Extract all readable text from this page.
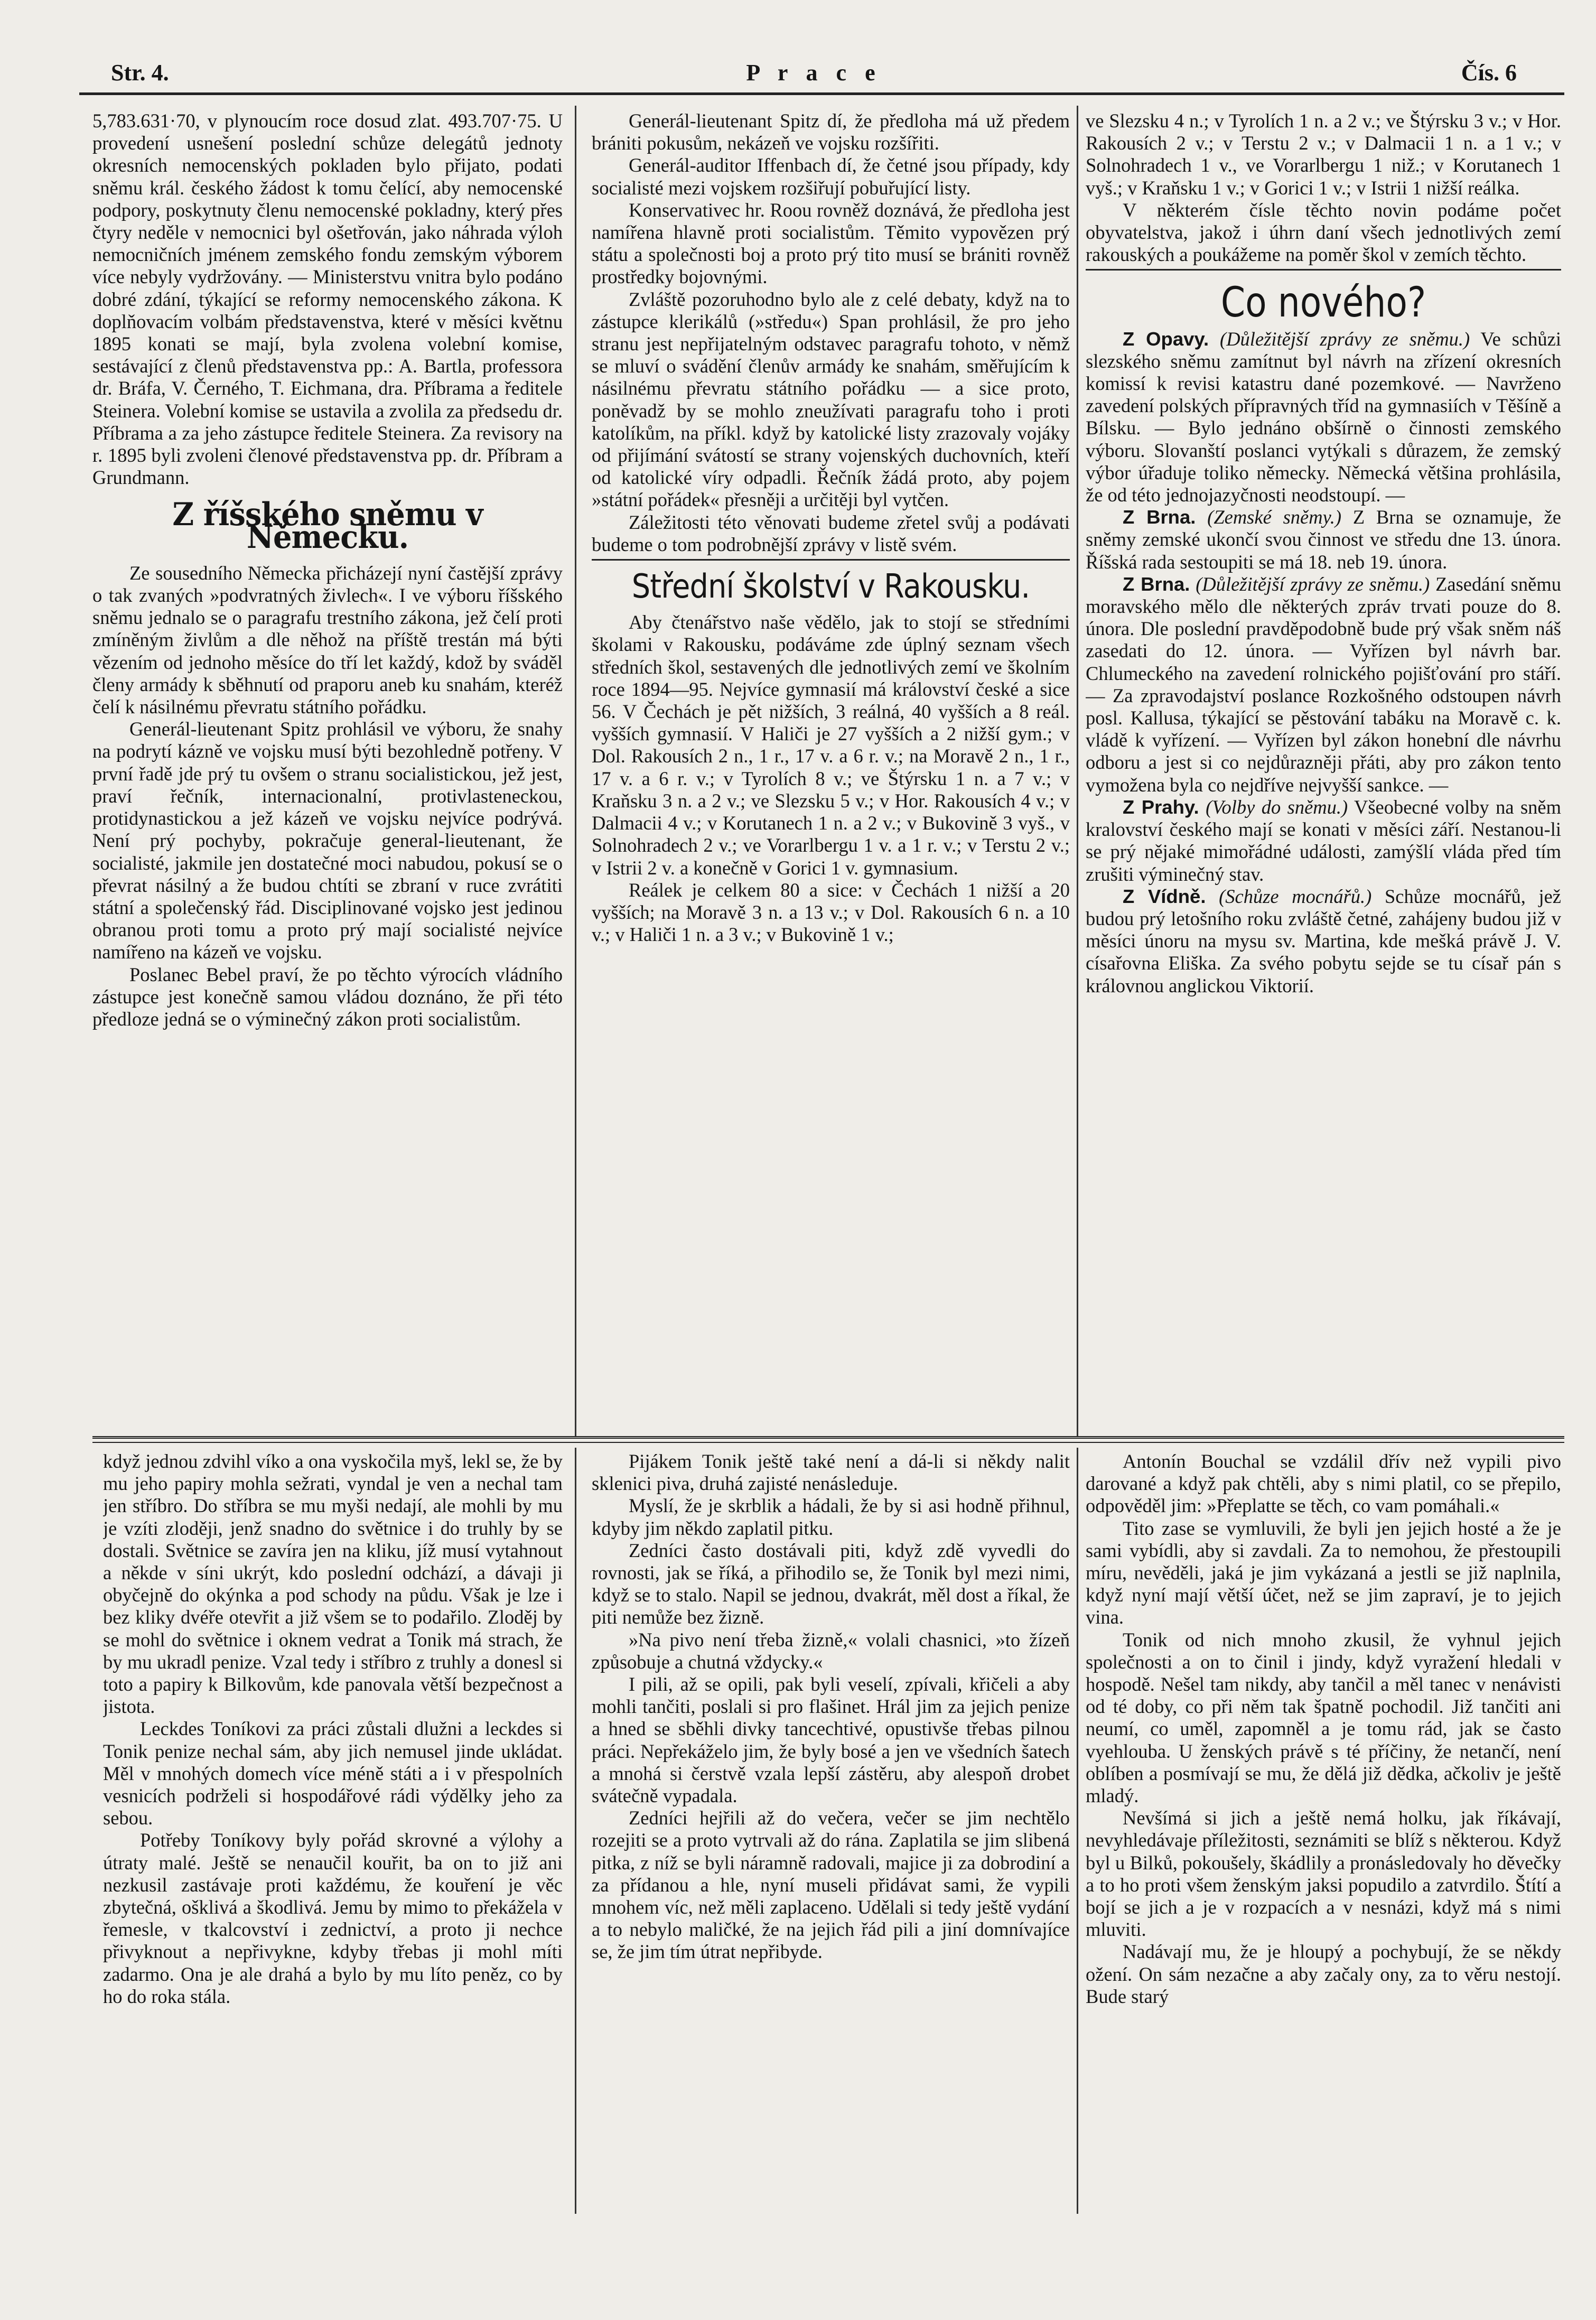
Str. 4.	P r a c e	Čís. 6

5,783.631·70, v plynoucím roce dosud zlat. 493.707·75. U provedení usnešení poslední schůze delegátů jednoty okresních nemocenských pokladen bylo přijato, podati sněmu král. českého žádost k tomu čelící, aby nemocenské podpory, poskytnuty členu nemocenské pokladny, který přes čtyry neděle v nemocnici byl ošetřován, jako náhrada výloh nemocničních jménem zemského fondu zemským výborem více nebyly vydržovány. — Ministerstvu vnitra bylo podáno dobré zdání, týkající se reformy nemocenského zákona. K doplňovacím volbám představenstva, které v měsíci květnu 1895 konati se mají, byla zvolena volební komise, sestávající z členů představenstva pp.: A. Bartla, professora dr. Bráfa, V. Černého, T. Eichmana, dra. Příbrama a ředitele Steinera. Volební komise se ustavila a zvolila za předsedu dr. Příbrama a za jeho zástupce ředitele Steinera. Za revisory na r. 1895 byli zvoleni členové představenstva pp. dr. Příbram a Grundmann.

Z říšského sněmu v Německu.

Ze sousedního Německa přicházejí nyní častější zprávy o tak zvaných »podvratných živlech«. I ve výboru říšského sněmu jednalo se o paragrafu trestního zákona, jež čelí proti zmíněným živlům a dle něhož na příště trestán má býti vězením od jednoho měsíce do tří let každý, kdož by sváděl členy armády k sběhnutí od praporu aneb ku snahám, kteréž čelí k násilnému převratu státního pořádku.

Generál-lieutenant Spitz prohlásil ve výboru, že snahy na podrytí kázně ve vojsku musí býti bezohledně potřeny. V první řadě jde prý tu ovšem o stranu socialistickou, jež jest, praví řečník, internacionalní, protivlasteneckou, protidynastickou a jež kázeň ve vojsku nejvíce podrývá. Není prý pochyby, pokračuje general-lieutenant, že socialisté, jakmile jen dostatečné moci nabudou, pokusí se o převrat násilný a že budou chtíti se zbraní v ruce zvrátiti státní a společenský řád. Disciplinované vojsko jest jedinou obranou proti tomu a proto prý mají socialisté nejvíce namířeno na kázeň ve vojsku.

Poslanec Bebel praví, že po těchto výrocích vládního zástupce jest konečně samou vládou doznáno, že při této předloze jedná se o výminečný zákon proti socialistům.

Generál-lieutenant Spitz dí, že předloha má už předem brániti pokusům, nekázeň ve vojsku rozšířiti.

Generál-auditor Iffenbach dí, že četné jsou případy, kdy socialisté mezi vojskem rozšiřují pobuřující listy.

Konservativec hr. Roou rovněž doznává, že předloha jest namířena hlavně proti socialistům. Těmito vypovězen prý státu a společnosti boj a proto prý tito musí se brániti rovněž prostředky bojovnými.

Zvláště pozoruhodno bylo ale z celé debaty, když na to zástupce klerikálů (»středu«) Span prohlásil, že pro jeho stranu jest nepřijatelným odstavec paragrafu tohoto, v němž se mluví o svádění členův armády ke snahám, směřujícím k násilnému převratu státního pořádku — a sice proto, poněvadž by se mohlo zneužívati paragrafu toho i proti katolíkům, na příkl. když by katolické listy zrazovaly vojáky od přijímání svátostí se strany vojenských duchovních, kteří od katolické víry odpadli. Řečník žádá proto, aby pojem »státní pořádek« přesněji a určitěji byl vytčen.

Záležitosti této věnovati budeme zřetel svůj a podávati budeme o tom podrobnější zprávy v listě svém.

Střední školství v Rakousku.

Aby čtenářstvo naše vědělo, jak to stojí se středními školami v Rakousku, podáváme zde úplný seznam všech středních škol, sestavených dle jednotlivých zemí ve školním roce 1894—95. Nejvíce gymnasií má království české a sice 56. V Čechách je pět nižších, 3 reálná, 40 vyšších a 8 reál. vyšších gymnasií. V Haliči je 27 vyšších a 2 nižší gym.; v Dol. Rakousích 2 n., 1 r., 17 v. a 6 r. v.; na Moravě 2 n., 1 r., 17 v. a 6 r. v.; v Tyrolích 8 v.; ve Štýrsku 1 n. a 7 v.; v Kraňsku 3 n. a 2 v.; ve Slezsku 5 v.; v Hor. Rakousích 4 v.; v Dalmacii 4 v.; v Korutanech 1 n. a 2 v.; v Bukovině 3 vyš., v Solnohradech 2 v.; ve Vorarlbergu 1 v. a 1 r. v.; v Terstu 2 v.; v Istrii 2 v. a konečně v Gorici 1 v. gymnasium.

Reálek je celkem 80 a sice: v Čechách 1 nižší a 20 vyšších; na Moravě 3 n. a 13 v.; v Dol. Rakousích 6 n. a 10 v.; v Haliči 1 n. a 3 v.; v Bukovině 1 v.;

ve Slezsku 4 n.; v Tyrolích 1 n. a 2 v.; ve Štýrsku 3 v.; v Hor. Rakousích 2 v.; v Terstu 2 v.; v Dalmacii 1 n. a 1 v.; v Solnohradech 1 v., ve Vorarlbergu 1 niž.; v Korutanech 1 vyš.; v Kraňsku 1 v.; v Gorici 1 v.; v Istrii 1 nižší reálka.

V některém čísle těchto novin podáme počet obyvatelstva, jakož i úhrn daní všech jednotlivých zemí rakouských a poukážeme na poměr škol v zemích těchto.

Co nového?

Z Opavy. (Důležitější zprávy ze sněmu.) Ve schůzi slezského sněmu zamítnut byl návrh na zřízení okresních komissí k revisi katastru dané pozemkové. — Navrženo zavedení polských přípravných tříd na gymnasiích v Těšíně a Bílsku. — Bylo jednáno obšírně o činnosti zemského výboru. Slovanští poslanci vytýkali s důrazem, že zemský výbor úřaduje toliko německy. Německá většina prohlásila, že od této jednojazyčnosti neodstoupí. —

Z Brna. (Zemské sněmy.) Z Brna se oznamuje, že sněmy zemské ukončí svou činnost ve středu dne 13. února. Říšská rada sestoupiti se má 18. neb 19. února.

Z Brna. (Důležitější zprávy ze sněmu.) Zasedání sněmu moravského mělo dle některých zpráv trvati pouze do 8. února. Dle poslední pravděpodobně bude prý však sněm náš zasedati do 12. února. — Vyřízen byl návrh bar. Chlumeckého na zavedení rolnického pojišťování pro stáří. — Za zpravodajství poslance Rozkošného odstoupen návrh posl. Kallusa, týkající se pěstování tabáku na Moravě c. k. vládě k vyřízení. — Vyřízen byl zákon honební dle návrhu odboru a jest si co nejdůrazněji přáti, aby pro zákon tento vymožena byla co nejdříve nejvyšší sankce. —

Z Prahy. (Volby do sněmu.) Všeobecné volby na sněm kralovství českého mají se konati v měsíci září. Nestanou-li se prý nějaké mimořádné události, zamýšlí vláda před tím zrušiti výminečný stav.

Z Vídně. (Schůze mocnářů.) Schůze mocnářů, jež budou prý letošního roku zvláště četné, zahájeny budou již v měsíci únoru na mysu sv. Martina, kde mešká právě J. V. císařovna Eliška. Za svého pobytu sejde se tu císař pán s královnou anglickou Viktorií.

když jednou zdvihl víko a ona vyskočila myš, lekl se, že by mu jeho papiry mohla sežrati, vyndal je ven a nechal tam jen stříbro. Do stříbra se mu myši nedají, ale mohli by mu je vzíti zloději, jenž snadno do světnice i do truhly by se dostali. Světnice se zavíra jen na kliku, jíž musí vytahnout a někde v síni ukrýt, kdo poslední odchází, a dávaji ji obyčejně do okýnka a pod schody na půdu. Však je lze i bez kliky dvéře otevřit a již všem se to podařilo. Zloděj by se mohl do světnice i oknem vedrat a Tonik má strach, že by mu ukradl penize. Vzal tedy i stříbro z truhly a donesl si toto a papiry k Bilkovům, kde panovala větší bezpečnost a jistota.

Leckdes Toníkovi za práci zůstali dlužni a leckdes si Tonik penize nechal sám, aby jich nemusel jinde ukládat. Měl v mnohých domech více méně státi a i v přespolních vesnicích podrželi si hospodářové rádi výdělky jeho za sebou.

Potřeby Toníkovy byly pořád skrovné a výlohy a útraty malé. Ještě se nenaučil kouřit, ba on to již ani nezkusil zastávaje proti každému, že kouření je věc zbytečná, ošklivá a škodlivá. Jemu by mimo to překážela v řemesle, v tkalcovství i zednictví, a proto ji nechce přivyknout a nepřivykne, kdyby třebas ji mohl míti zadarmo. Ona je ale drahá a bylo by mu líto peněz, co by ho do roka stála.

Pijákem Tonik ještě také není a dá-li si někdy nalit sklenici piva, druhá zajisté nenásleduje.

Myslí, že je skrblik a hádali, že by si asi hodně přihnul, kdyby jim někdo zaplatil pitku.

Zedníci často dostávali piti, když zdě vyvedli do rovnosti, jak se říká, a přihodilo se, že Tonik byl mezi nimi, když se to stalo. Napil se jednou, dvakrát, měl dost a říkal, že piti nemůže bez žizně.

»Na pivo není třeba žizně,« volali chasnici, »to žízeň způsobuje a chutná vždycky.«

I pili, až se opili, pak byli veselí, zpívali, křičeli a aby mohli tančiti, poslali si pro flašinet. Hrál jim za jejich penize a hned se sběhli divky tancechtivé, opustivše třebas pilnou práci. Nepřekáželo jim, že byly bosé a jen ve všedních šatech a mnohá si čerstvě vzala lepší zástěru, aby alespoň drobet svátečně vypadala.

Zedníci hejřili až do večera, večer se jim nechtělo rozejiti se a proto vytrvali až do rána. Zaplatila se jim slibená pitka, z níž se byli náramně radovali, majice ji za dobrodiní a za přídanou a hle, nyní museli přidávat sami, že vypili mnohem víc, než měli zaplaceno. Udělali si tedy ještě vydání a to nebylo maličké, že na jejich řád pili a jiní domnívajíce se, že jim tím útrat nepřibyde.

Antonín Bouchal se vzdálil dřív než vypili pivo darované a když pak chtěli, aby s nimi platil, co se přepilo, odpověděl jim: »Přeplatte se těch, co vam pomáhali.«

Tito zase se vymluvili, že byli jen jejich hosté a že je sami vybídli, aby si zavdali. Za to nemohou, že přestoupili míru, nevěděli, jaká je jim vykázaná a jestli se již naplnila, když nyní mají větší účet, než se jim zapraví, je to jejich vina.

Tonik od nich mnoho zkusil, že vyhnul jejich společnosti a on to činil i jindy, když vyražení hledali v hospodě. Nešel tam nikdy, aby tančil a měl tanec v nenávisti od té doby, co při něm tak špatně pochodil. Již tančiti ani neumí, co uměl, zapomněl a je tomu rád, jak se často vyehlouba. U ženských právě s té příčiny, že netančí, není oblíben a posmívají se mu, že dělá již dědka, ačkoliv je ještě mladý.

Nevšímá si jich a ještě nemá holku, jak říkávají, nevyhledávaje příležitosti, seznámiti se blíž s některou. Když byl u Bilků, pokoušely, škádlily a pronásledovaly ho děvečky a to ho proti všem ženským jaksi popudilo a zatvrdilo. Štítí a bojí se jich a je v rozpacích a v nesnázi, když má s nimi mluviti.

Nadávají mu, že je hloupý a pochybují, že se někdy ožení. On sám nezačne a aby začaly ony, za to věru nestojí. Bude starý
